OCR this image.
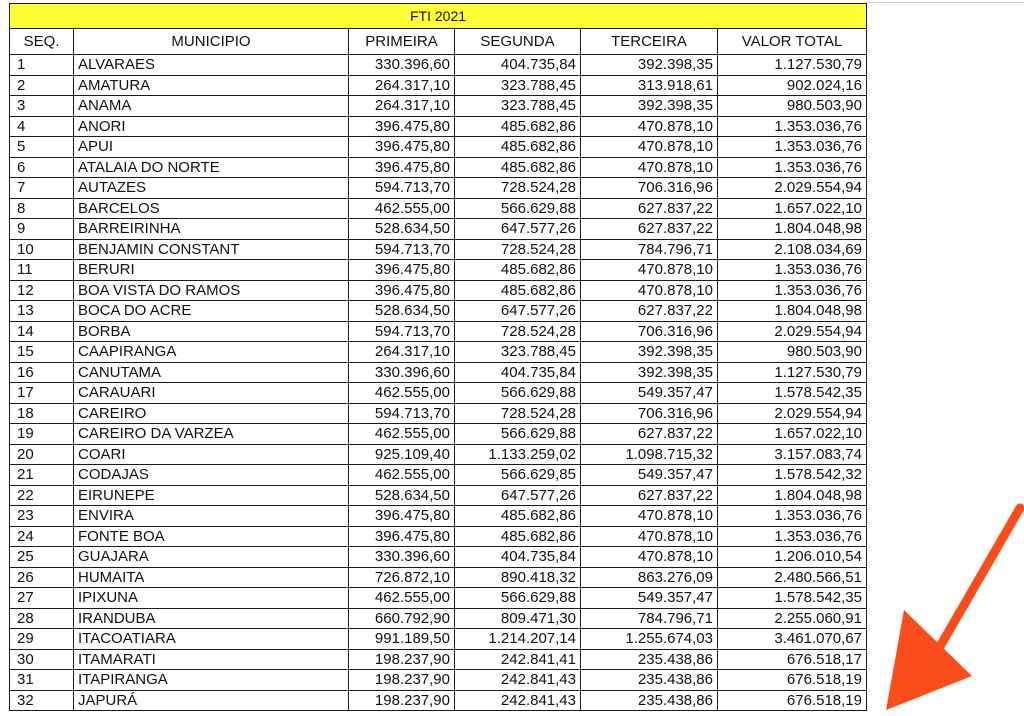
FTI 2021					
SEQ.	MUNICIPIO	PRIMEIRA	SEGUNDA	TERCEIRA	VALOR TOTAL
1	ALVARAES	330.396,60	404.735,84	392.398,35	1.127.530,79
2	AMATURA	264.317,10	323.788,45	313.918,61	902.024,16
3	ANAMA	264.317,10	323.788,45	392.398,35	980.503,90
4	ANORI	396.475,80	485.682,86	470.878,10	1.353.036,76
5	APUI	396.475,80	485.682,86	470.878,10	1.353.036,76
6	ATALAIA DO NORTE	396.475,80	485.682,86	470.878,10	1.353.036,76
7	AUTAZES	594.713,70	728.524,28	706.316,96	2.029.554,94
8	BARCELOS	462.555,00	566.629,88	627.837,22	1.657.022,10
9	BARREIRINHA	528.634,50	647.577,26	627.837,22	1.804.048,98
10	BENJAMIN CONSTANT	594.713,70	728.524,28	784.796,71	2.108.034,69
11	BERURI	396.475,80	485.682,86	470.878,10	1.353.036,76
12	BOA VISTA DO RAMOS	396.475,80	485.682,86	470.878,10	1.353.036,76
13	BOCA DO ACRE	528.634,50	647.577,26	627.837,22	1.804.048,98
14	BORBA	594.713,70	728.524,28	706.316,96	2.029.554,94
15	CAAPIRANGA	264.317,10	323.788,45	392.398,35	980.503,90
16	CANUTAMA	330.396,60	404.735,84	392.398,35	1.127.530,79
17	CARAUARI	462.555,00	566.629,88	549.357,47	1.578.542,35
18	CAREIRO	594.713,70	728.524,28	706.316,96	2.029.554,94
19	CAREIRO DA VARZEA	462.555,00	566.629,88	627.837,22	1.657.022,10
20	COARI	925.109,40	1.133.259,02	1.098.715,32	3.157.083,74
21	CODAJAS	462.555,00	566.629,85	549.357,47	1.578.542,32
22	EIRUNEPE	528.634,50	647.577,26	627.837,22	1.804.048,98
23	ENVIRA	396.475,80	485.682,86	470.878,10	1.353.036,76
24	FONTE BOA	396.475,80	485.682,86	470.878,10	1.353.036,76
25	GUAJARA	330.396,60	404.735,84	470.878,10	1.206.010,54
26	HUMAITA	726.872,10	890.418,32	863.276,09	2.480.566,51
27	IPIXUNA	462.555,00	566.629,88	549.357,47	1.578.542,35
28	IRANDUBA	660.792,90	809.471,30	784.796,71	2.255.060,91
29	ITACOATIARA	991.189,50	1.214.207,14	1.255.674,03	3.461.070,67
30	ITAMARATI	198.237,90	242.841,41	235.438,86	676.518,17
31	ITAPIRANGA	198.237,90	242.841,43	235.438,86	676.518,19
32	JAPURÁ	198.237,90	242.841,43	235.438,86	676.518,19
